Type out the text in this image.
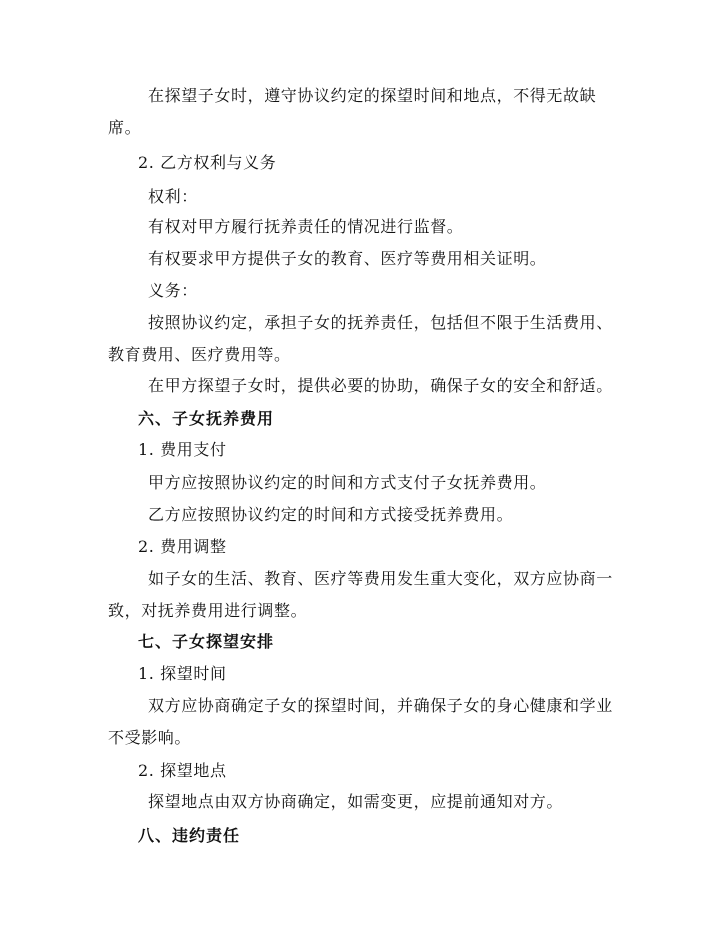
在探望子女时，遵守协议约定的探望时间和地点，不得无故缺
席。
2. 乙方权利与义务
权利：
有权对甲方履行抚养责任的情况进行监督。
有权要求甲方提供子女的教育、医疗等费用相关证明。
义务：
按照协议约定，承担子女的抚养责任，包括但不限于生活费用、
教育费用、医疗费用等。
在甲方探望子女时，提供必要的协助，确保子女的安全和舒适。
六、子女抚养费用
1. 费用支付
甲方应按照协议约定的时间和方式支付子女抚养费用。
乙方应按照协议约定的时间和方式接受抚养费用。
2. 费用调整
如子女的生活、教育、医疗等费用发生重大变化，双方应协商一
致，对抚养费用进行调整。
七、子女探望安排
1. 探望时间
双方应协商确定子女的探望时间，并确保子女的身心健康和学业
不受影响。
2. 探望地点
探望地点由双方协商确定，如需变更，应提前通知对方。
八、违约责任
